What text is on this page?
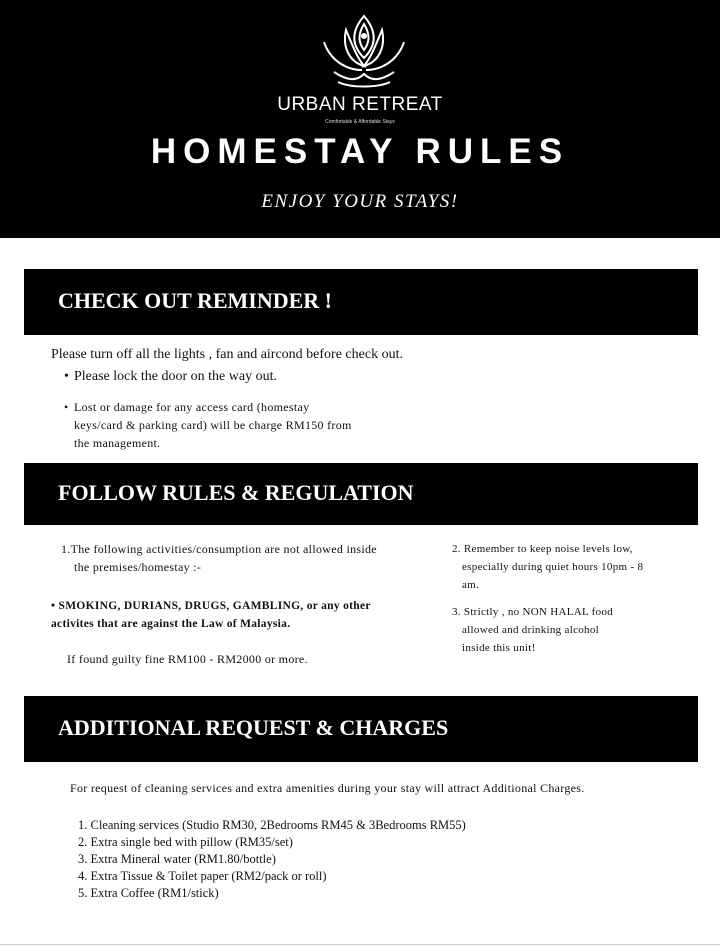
URBAN RETREAT
Comfortable & Affordable Stays
HOMESTAY RULES
ENJOY YOUR STAYS!
CHECK OUT REMINDER !
Please turn off all the lights , fan and aircond before check out.
• Please lock the door on the way out.
• Lost or damage for any access card (homestay
keys/card & parking card) will be charge RM150 from
the management.
FOLLOW RULES & REGULATION
1.The following activities/consumption are not allowed inside
the premises/homestay :-
• SMOKING, DURIANS, DRUGS, GAMBLING, or any other
activites that are against the Law of Malaysia.
If found guilty fine RM100 - RM2000 or more.
2. Remember to keep noise levels low,
especially during quiet hours 10pm - 8
am.
3. Strictly , no NON HALAL food
allowed and drinking alcohol
inside this unit!
ADDITIONAL REQUEST & CHARGES
For request of cleaning services and extra amenities during your stay will attract Additional Charges.
1. Cleaning services (Studio RM30, 2Bedrooms RM45 & 3Bedrooms RM55)
2. Extra single bed with pillow (RM35/set)
3. Extra Mineral water (RM1.80/bottle)
4. Extra Tissue & Toilet paper (RM2/pack or roll)
5. Extra Coffee (RM1/stick)
